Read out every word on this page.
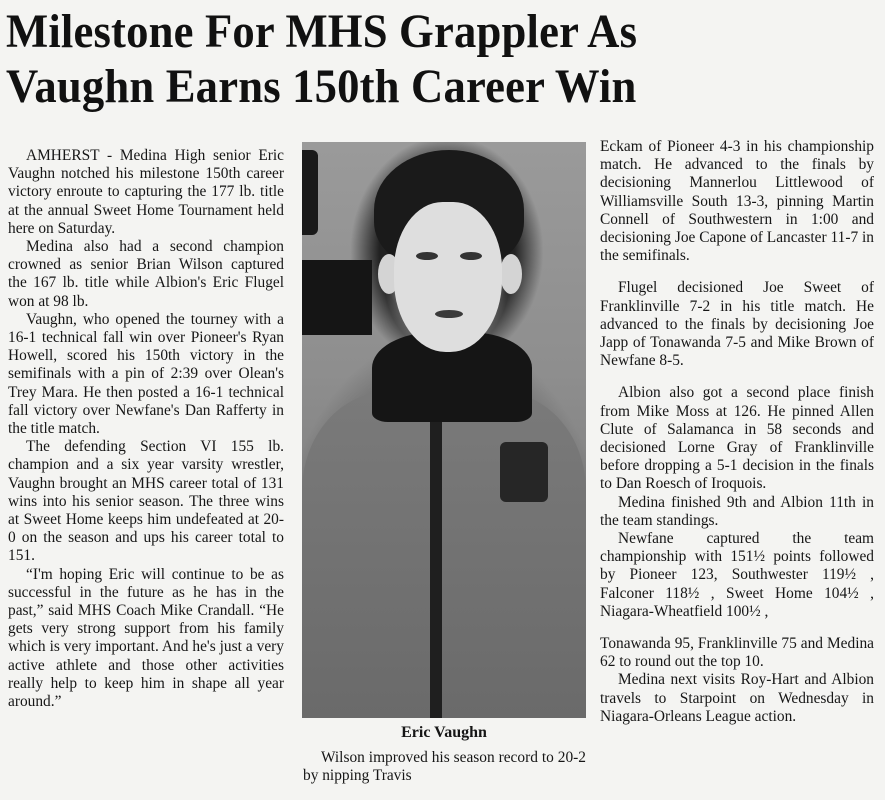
Milestone For MHS Grappler As
Vaughn Earns 150th Career Win

AMHERST - Medina High senior Eric Vaughn notched his milestone 150th career victory enroute to capturing the 177 lb. title at the annual Sweet Home Tournament held here on Saturday.

Medina also had a second champion crowned as senior Brian Wilson captured the 167 lb. title while Albion's Eric Flugel won at 98 lb.

Vaughn, who opened the tourney with a 16-1 technical fall win over Pioneer's Ryan Howell, scored his 150th victory in the semifinals with a pin of 2:39 over Olean's Trey Mara. He then posted a 16-1 technical fall victory over Newfane's Dan Rafferty in the title match.

The defending Section VI 155 lb. champion and a six year varsity wrestler, Vaughn brought an MHS career total of 131 wins into his senior season. The three wins at Sweet Home keeps him undefeated at 20-0 on the season and ups his career total to 151.

“I'm hoping Eric will continue to be as successful in the future as he has in the past,” said MHS Coach Mike Crandall. “He gets very strong support from his family which is very important. And he's just a very active athlete and those other activities really help to keep him in shape all year around.”

Eric Vaughn

Wilson improved his season record to 20-2 by nipping Travis

Eckam of Pioneer 4-3 in his championship match. He advanced to the finals by decisioning Mannerlou Littlewood of Williamsville South 13-3, pinning Martin Connell of Southwestern in 1:00 and decisioning Joe Capone of Lancaster 11-7 in the semifinals.

Flugel decisioned Joe Sweet of Franklinville 7-2 in his title match. He advanced to the finals by decisioning Joe Japp of Tonawanda 7-5 and Mike Brown of Newfane 8-5.

Albion also got a second place finish from Mike Moss at 126. He pinned Allen Clute of Salamanca in 58 seconds and decisioned Lorne Gray of Franklinville before dropping a 5-1 decision in the finals to Dan Roesch of Iroquois.

Medina finished 9th and Albion 11th in the team standings.

Newfane captured the team championship with 151½ points followed by Pioneer 123, Southwester 119½ , Falconer 118½ , Sweet Home 104½ , Niagara-Wheatfield 100½ ,

Tonawanda 95, Franklinville 75 and Medina 62 to round out the top 10.

Medina next visits Roy-Hart and Albion travels to Starpoint on Wednesday in Niagara-Orleans League action.
